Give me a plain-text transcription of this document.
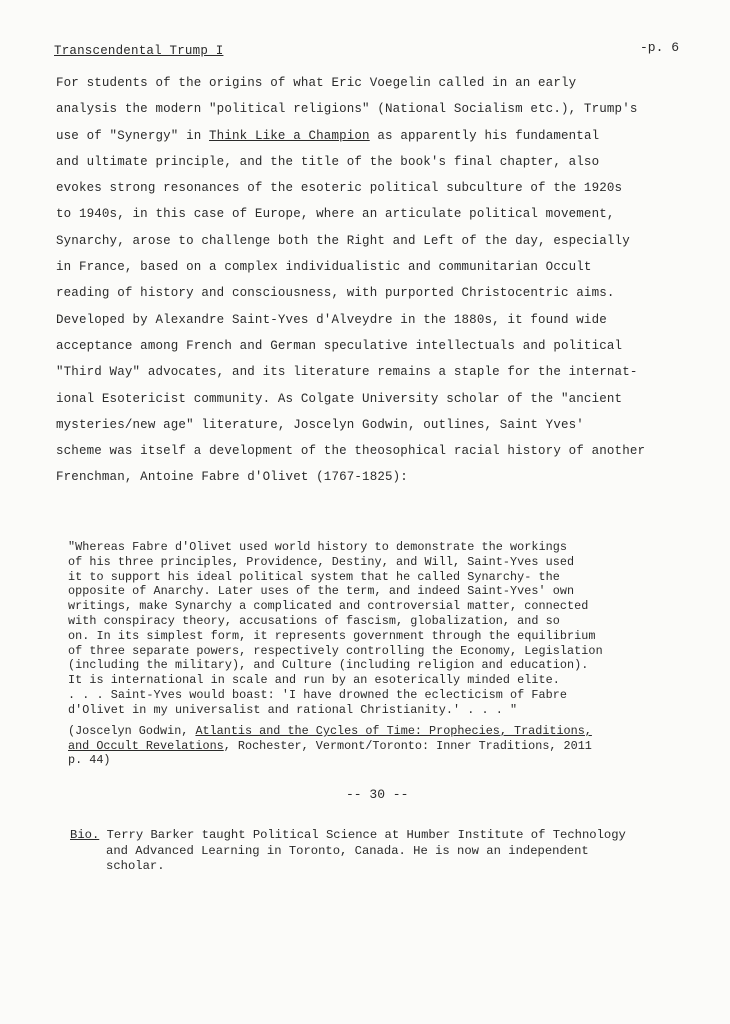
Transcendental Trump I	-p. 6
For students of the origins of what Eric Voegelin called in an early
analysis the modern "political religions" (National Socialism etc.), Trump's
use of "Synergy" in Think Like a Champion as apparently his fundamental
and ultimate principle, and the title of the book's final chapter, also
evokes strong resonances of the esoteric political subculture of the 1920s
to 1940s, in this case of Europe, where an articulate political movement,
Synarchy, arose to challenge both the Right and Left of the day, especially
in France, based on a complex individualistic and communitarian Occult
reading of history and consciousness, with purported Christocentric aims.
Developed by Alexandre Saint-Yves d'Alveydre in the 1880s, it found wide
acceptance among French and German speculative intellectuals and political
"Third Way" advocates, and its literature remains a staple for the internat-
ional Esotericist community. As Colgate University scholar of the "ancient
mysteries/new age" literature, Joscelyn Godwin, outlines, Saint Yves'
scheme was itself a development of the theosophical racial history of another
Frenchman, Antoine Fabre d'Olivet (1767-1825):
"Whereas Fabre d'Olivet used world history to demonstrate the workings
of his three principles, Providence, Destiny, and Will, Saint-Yves used
it to support his ideal political system that he called Synarchy- the
opposite of Anarchy. Later uses of the term, and indeed Saint-Yves' own
writings, make Synarchy a complicated and controversial matter, connected
with conspiracy theory, accusations of fascism, globalization, and so
on. In its simplest form, it represents government through the equilibrium
of three separate powers, respectively controlling the Economy, Legislation
(including the military), and Culture (including religion and education).
It is international in scale and run by an esoterically minded elite.
. . . Saint-Yves would boast: 'I have drowned the eclecticism of Fabre
d'Olivet in my universalist and rational Christianity.' . . . "
(Joscelyn Godwin, Atlantis and the Cycles of Time: Prophecies, Traditions,
and Occult Revelations, Rochester, Vermont/Toronto: Inner Traditions, 2011
p. 44)
-- 30 --
Bio. Terry Barker taught Political Science at Humber Institute of Technology
and Advanced Learning in Toronto, Canada. He is now an independent
scholar.
